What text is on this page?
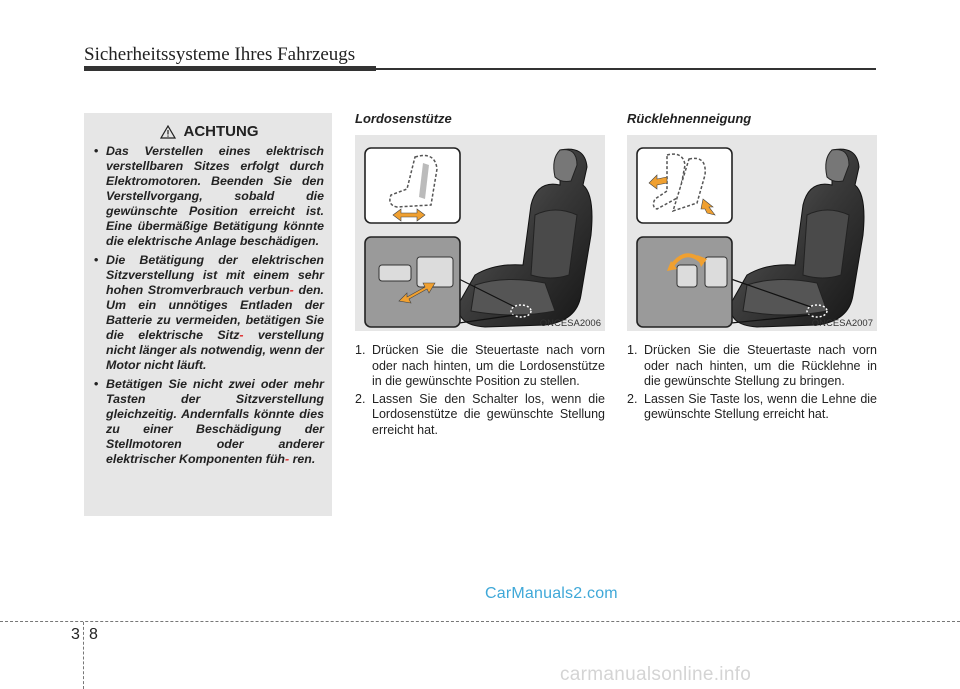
Sicherheitssysteme Ihres Fahrzeugs
ACHTUNG
• Das Verstellen eines elektrisch verstellbaren Sitzes erfolgt durch Elektromotoren. Beenden Sie den Verstellvorgang, sobald die gewünschte Position erreicht ist. Eine übermäßige Betätigung könnte die elektrische Anlage beschädigen.
• Die Betätigung der elektrischen Sitzverstellung ist mit einem sehr hohen Stromverbrauch verbun- den. Um ein unnötiges Entladen der Batterie zu vermeiden, betätigen Sie die elektrische Sitz- verstellung nicht länger als notwendig, wenn der Motor nicht läuft.
• Betätigen Sie nicht zwei oder mehr Tasten der Sitzverstellung gleichzeitig. Andernfalls könnte dies zu einer Beschädigung der Stellmotoren oder anderer elektrischer Komponenten füh- ren.
Lordosenstütze
ONCESA2006
1. Drücken Sie die Steuertaste nach vorn oder nach hinten, um die Lordosenstütze in die gewünschte Position zu stellen.
2. Lassen Sie den Schalter los, wenn die Lordosenstütze die gewünschte Stellung erreicht hat.
Rücklehnenneigung
ONCESA2007
1. Drücken Sie die Steuertaste nach vorn oder nach hinten, um die Rücklehne in die gewünschte Stellung zu bringen.
2. Lassen Sie Taste los, wenn die Lehne die gewünschte Stellung erreicht hat.
CarManuals2.com
3 8
carmanualsonline.info
